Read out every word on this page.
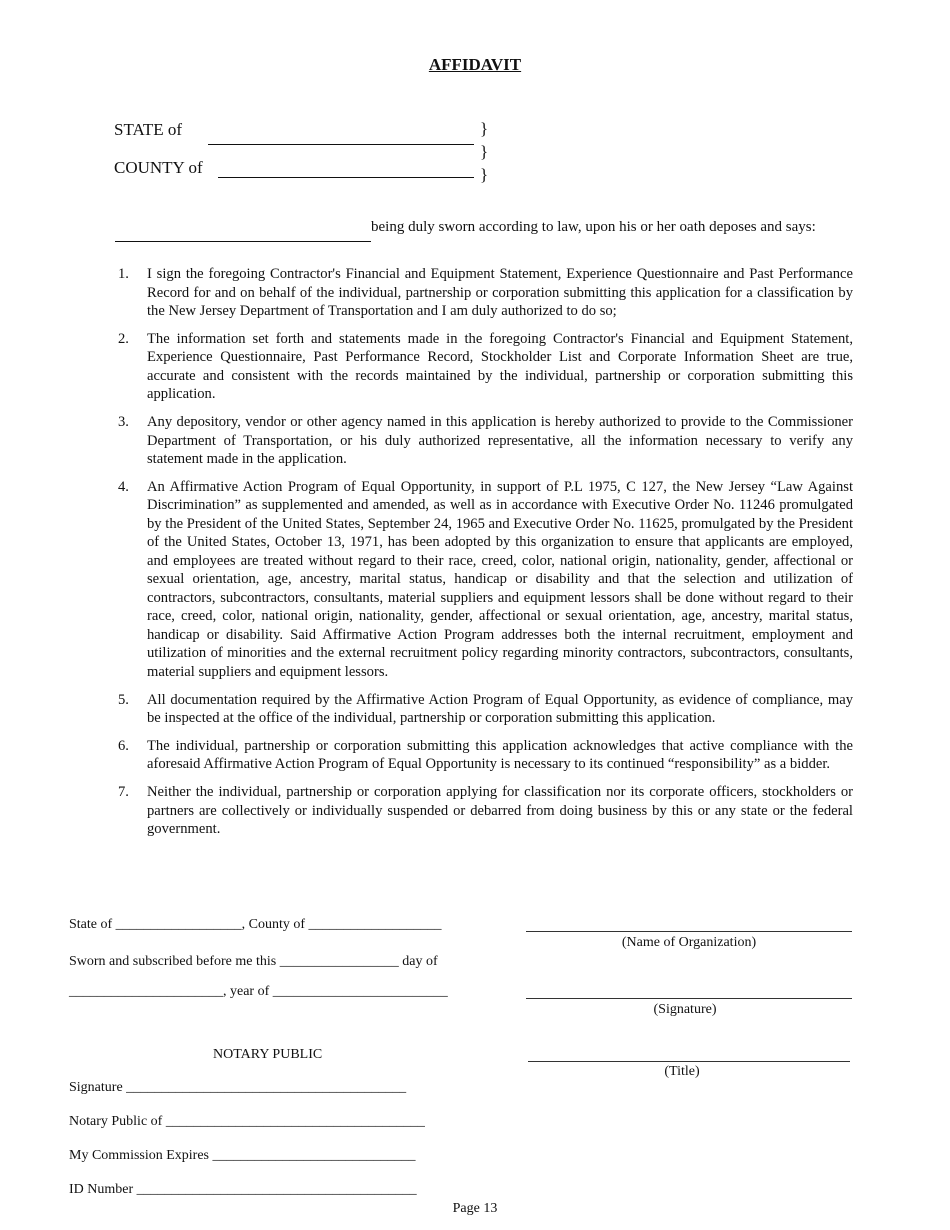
AFFIDAVIT
STATE of
COUNTY of
}
}
}
being duly sworn according to law, upon his or her oath deposes and says:
1. I sign the foregoing Contractor's Financial and Equipment Statement, Experience Questionnaire and Past Performance Record for and on behalf of the individual, partnership or corporation submitting this application for a classification by the New Jersey Department of Transportation and I am duly authorized to do so;
2. The information set forth and statements made in the foregoing Contractor's Financial and Equipment Statement, Experience Questionnaire, Past Performance Record, Stockholder List and Corporate Information Sheet are true, accurate and consistent with the records maintained by the individual, partnership or corporation submitting this application.
3. Any depository, vendor or other agency named in this application is hereby authorized to provide to the Commissioner Department of Transportation, or his duly authorized representative, all the information necessary to verify any statement made in the application.
4. An Affirmative Action Program of Equal Opportunity, in support of P.L 1975, C 127, the New Jersey “Law Against Discrimination” as supplemented and amended, as well as in accordance with Executive Order No. 11246 promulgated by the President of the United States, September 24, 1965 and Executive Order No. 11625, promulgated by the President of the United States, October 13, 1971, has been adopted by this organization to ensure that applicants are employed, and employees are treated without regard to their race, creed, color, national origin, nationality, gender, affectional or sexual orientation, age, ancestry, marital status, handicap or disability and that the selection and utilization of contractors, subcontractors, consultants, material suppliers and equipment lessors shall be done without regard to their race, creed, color, national origin, nationality, gender, affectional or sexual orientation, age, ancestry, marital status, handicap or disability. Said Affirmative Action Program addresses both the internal recruitment, employment and utilization of minorities and the external recruitment policy regarding minority contractors, subcontractors, consultants, material suppliers and equipment lessors.
5. All documentation required by the Affirmative Action Program of Equal Opportunity, as evidence of compliance, may be inspected at the office of the individual, partnership or corporation submitting this application.
6. The individual, partnership or corporation submitting this application acknowledges that active compliance with the aforesaid Affirmative Action Program of Equal Opportunity is necessary to its continued “responsibility” as a bidder.
7. Neither the individual, partnership or corporation applying for classification nor its corporate officers, stockholders or partners are collectively or individually suspended or debarred from doing business by this or any state or the federal government.
State of __________________, County of ___________________
Sworn and subscribed before me this _________________ day of
______________________, year of _________________________
NOTARY PUBLIC
Signature ________________________________________
Notary Public of _____________________________________
My Commission Expires _____________________________
ID Number ________________________________________
(Name of Organization)
(Signature)
(Title)
Page 13
